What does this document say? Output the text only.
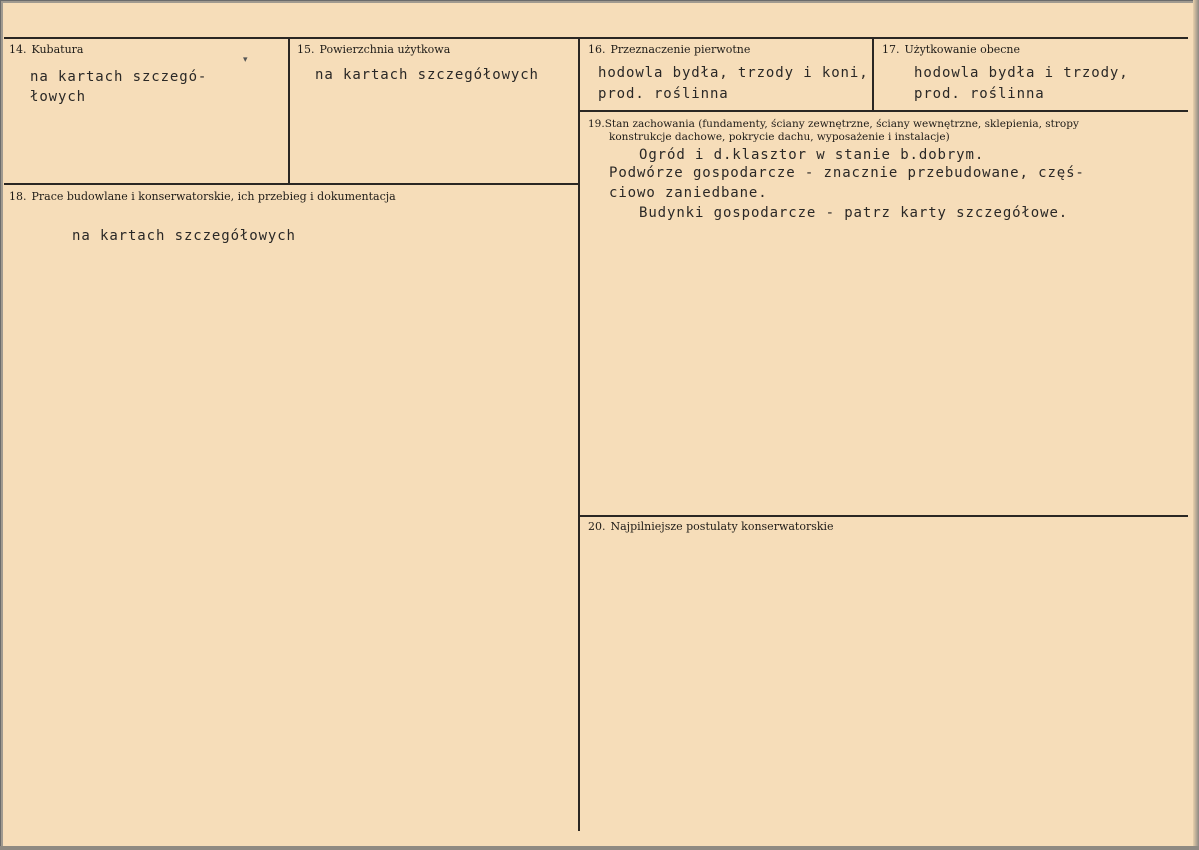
14. Kubatura
na kartach szczegó-
łowych
▾
15. Powierzchnia użytkowa
na kartach szczegółowych
16. Przeznaczenie pierwotne
hodowla bydła, trzody i koni,
prod. roślinna
17. Użytkowanie obecne
hodowla bydła i trzody,
prod. roślinna
18. Prace budowlane i konserwatorskie, ich przebieg i dokumentacja
na kartach szczegółowych
19.Stan zachowania (fundamenty, ściany zewnętrzne, ściany wewnętrzne, sklepienia, stropy
konstrukcje dachowe, pokrycie dachu, wyposażenie i instalacje)
Ogród i d.klasztor w stanie b.dobrym.
Podwórze gospodarcze - znacznie przebudowane, częś-
ciowo zaniedbane.
Budynki gospodarcze - patrz karty szczegółowe.
20. Najpilniejsze postulaty konserwatorskie
